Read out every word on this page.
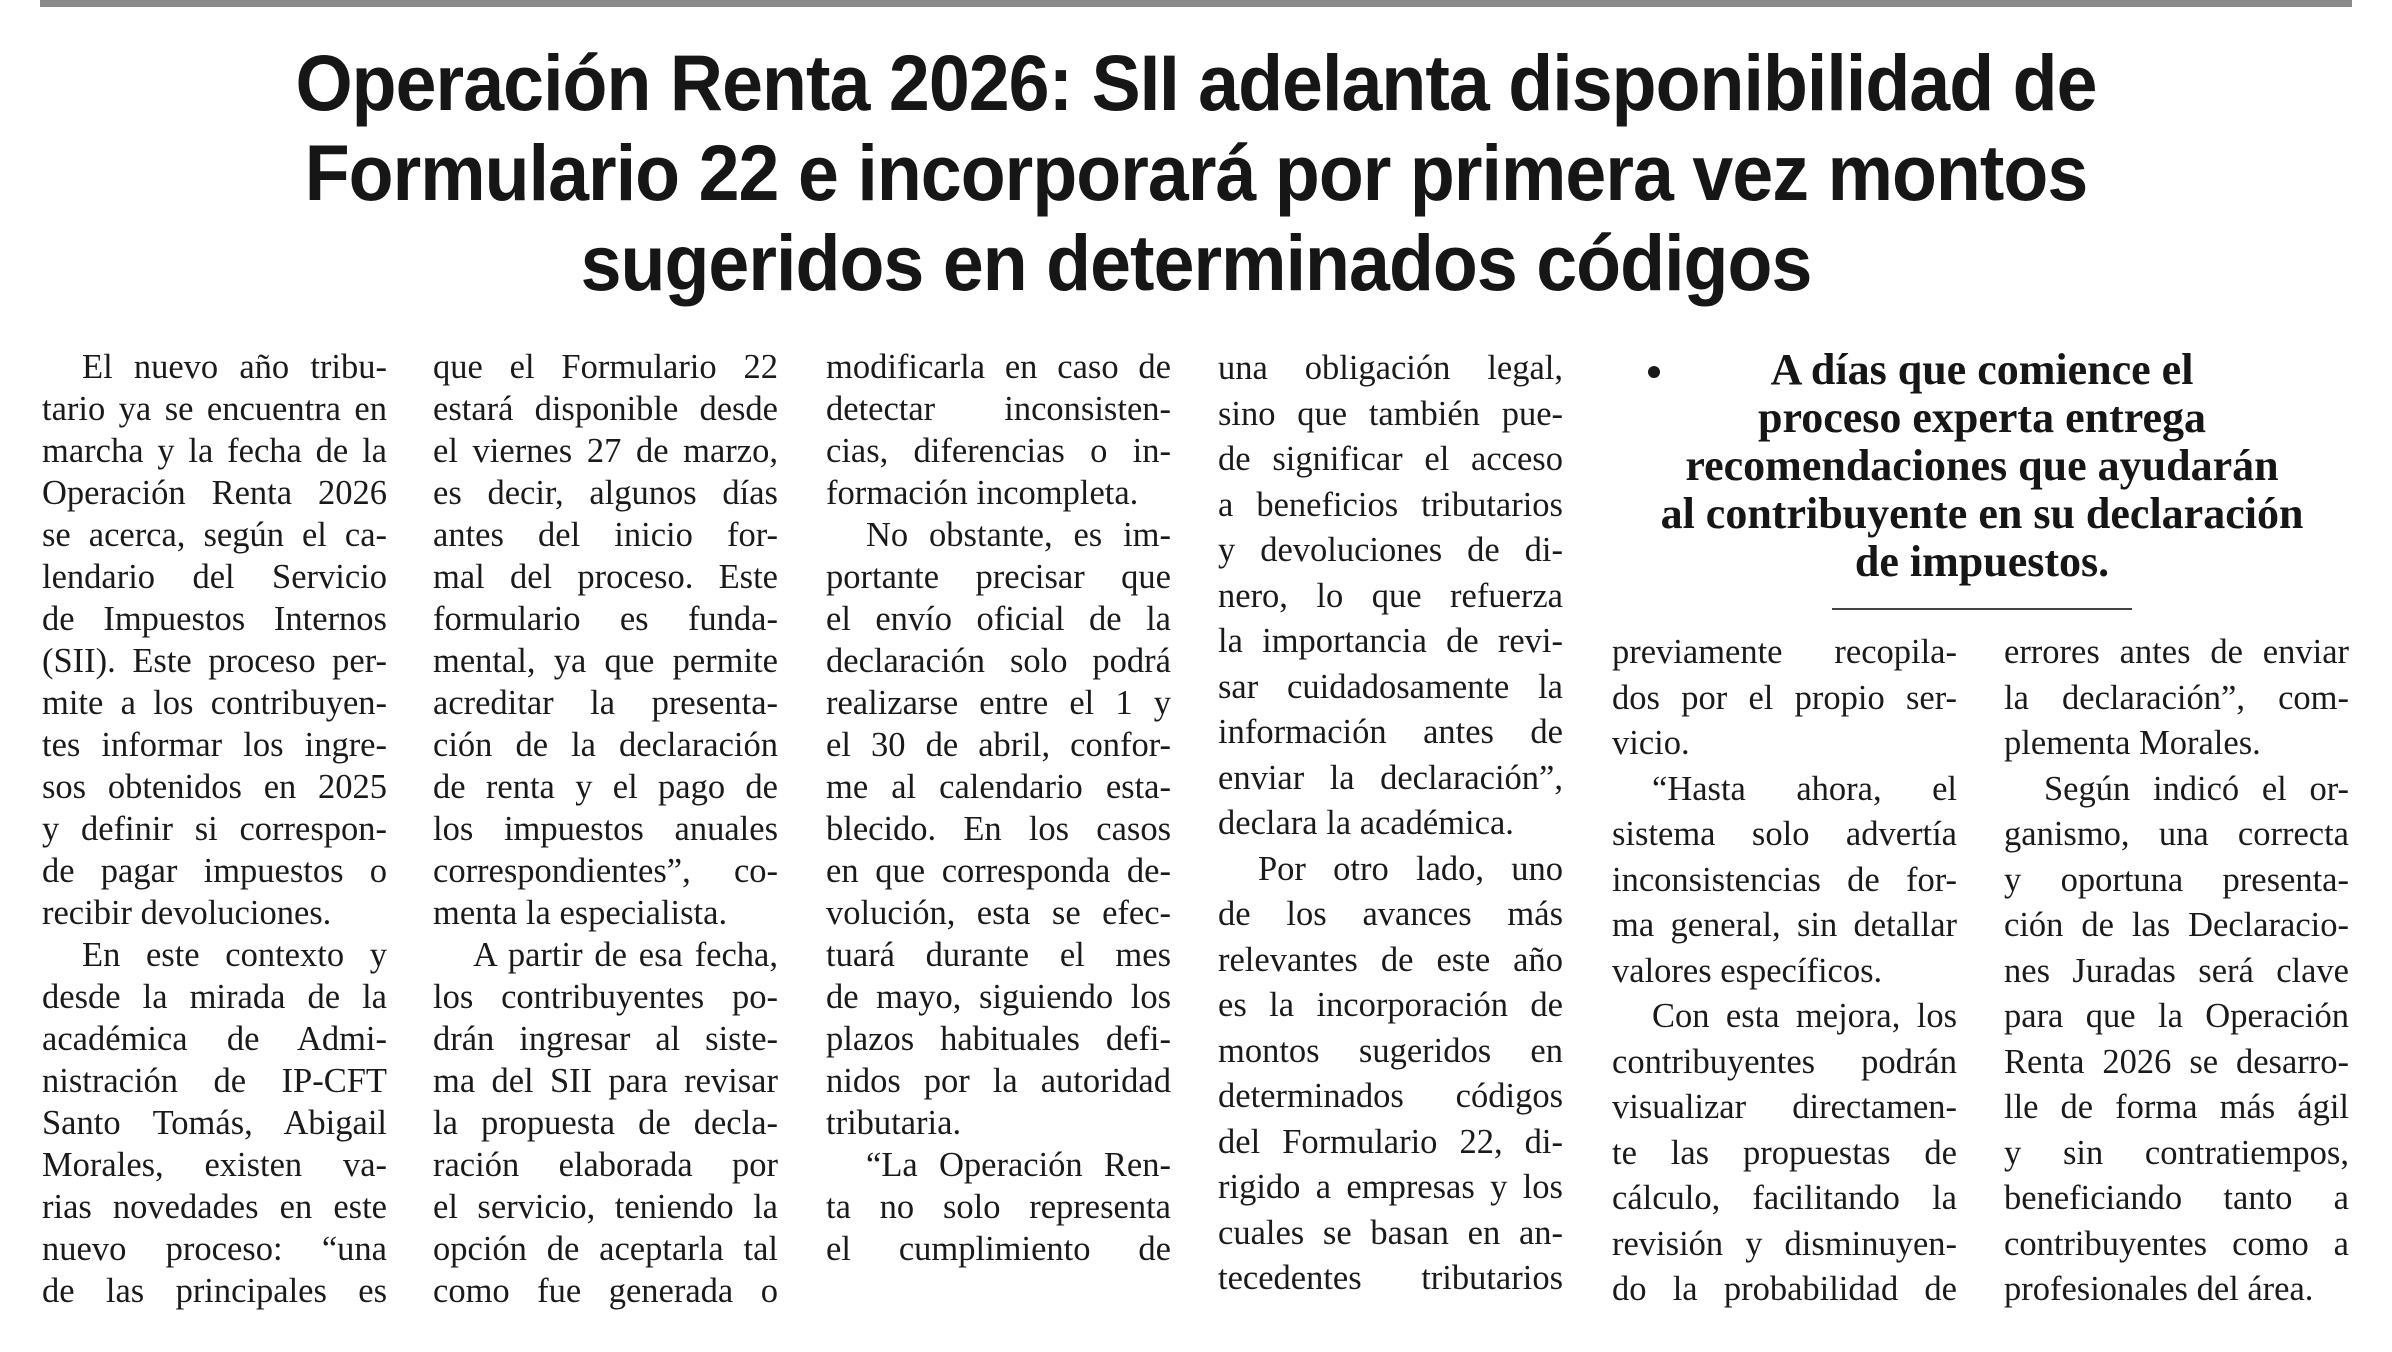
Operación Renta 2026: SII adelanta disponibilidad de
Formulario 22 e incorporará por primera vez montos
sugeridos en determinados códigos
El nuevo año tribu-
tario ya se encuentra en
marcha y la fecha de la
Operación Renta 2026
se acerca, según el ca-
lendario del Servicio
de Impuestos Internos
(SII). Este proceso per-
mite a los contribuyen-
tes informar los ingre-
sos obtenidos en 2025
y definir si correspon-
de pagar impuestos o
recibir devoluciones.
En este contexto y
desde la mirada de la
académica de Admi-
nistración de IP-CFT
Santo Tomás, Abigail
Morales, existen va-
rias novedades en este
nuevo proceso: “una
de las principales es
que el Formulario 22
estará disponible desde
el viernes 27 de marzo,
es decir, algunos días
antes del inicio for-
mal del proceso. Este
formulario es funda-
mental, ya que permite
acreditar la presenta-
ción de la declaración
de renta y el pago de
los impuestos anuales
correspondientes”, co-
menta la especialista.
A partir de esa fecha,
los contribuyentes po-
drán ingresar al siste-
ma del SII para revisar
la propuesta de decla-
ración elaborada por
el servicio, teniendo la
opción de aceptarla tal
como fue generada o
modificarla en caso de
detectar inconsisten-
cias, diferencias o in-
formación incompleta.
No obstante, es im-
portante precisar que
el envío oficial de la
declaración solo podrá
realizarse entre el 1 y
el 30 de abril, confor-
me al calendario esta-
blecido. En los casos
en que corresponda de-
volución, esta se efec-
tuará durante el mes
de mayo, siguiendo los
plazos habituales defi-
nidos por la autoridad
tributaria.
“La Operación Ren-
ta no solo representa
el cumplimiento de
una obligación legal,
sino que también pue-
de significar el acceso
a beneficios tributarios
y devoluciones de di-
nero, lo que refuerza
la importancia de revi-
sar cuidadosamente la
información antes de
enviar la declaración”,
declara la académica.
Por otro lado, uno
de los avances más
relevantes de este año
es la incorporación de
montos sugeridos en
determinados códigos
del Formulario 22, di-
rigido a empresas y los
cuales se basan en an-
tecedentes tributarios
A días que comience el
proceso experta entrega
recomendaciones que ayudarán
al contribuyente en su declaración
de impuestos.
previamente recopila-
dos por el propio ser-
vicio.
“Hasta ahora, el
sistema solo advertía
inconsistencias de for-
ma general, sin detallar
valores específicos.
Con esta mejora, los
contribuyentes podrán
visualizar directamen-
te las propuestas de
cálculo, facilitando la
revisión y disminuyen-
do la probabilidad de
errores antes de enviar
la declaración”, com-
plementa Morales.
Según indicó el or-
ganismo, una correcta
y oportuna presenta-
ción de las Declaracio-
nes Juradas será clave
para que la Operación
Renta 2026 se desarro-
lle de forma más ágil
y sin contratiempos,
beneficiando tanto a
contribuyentes como a
profesionales del área.
